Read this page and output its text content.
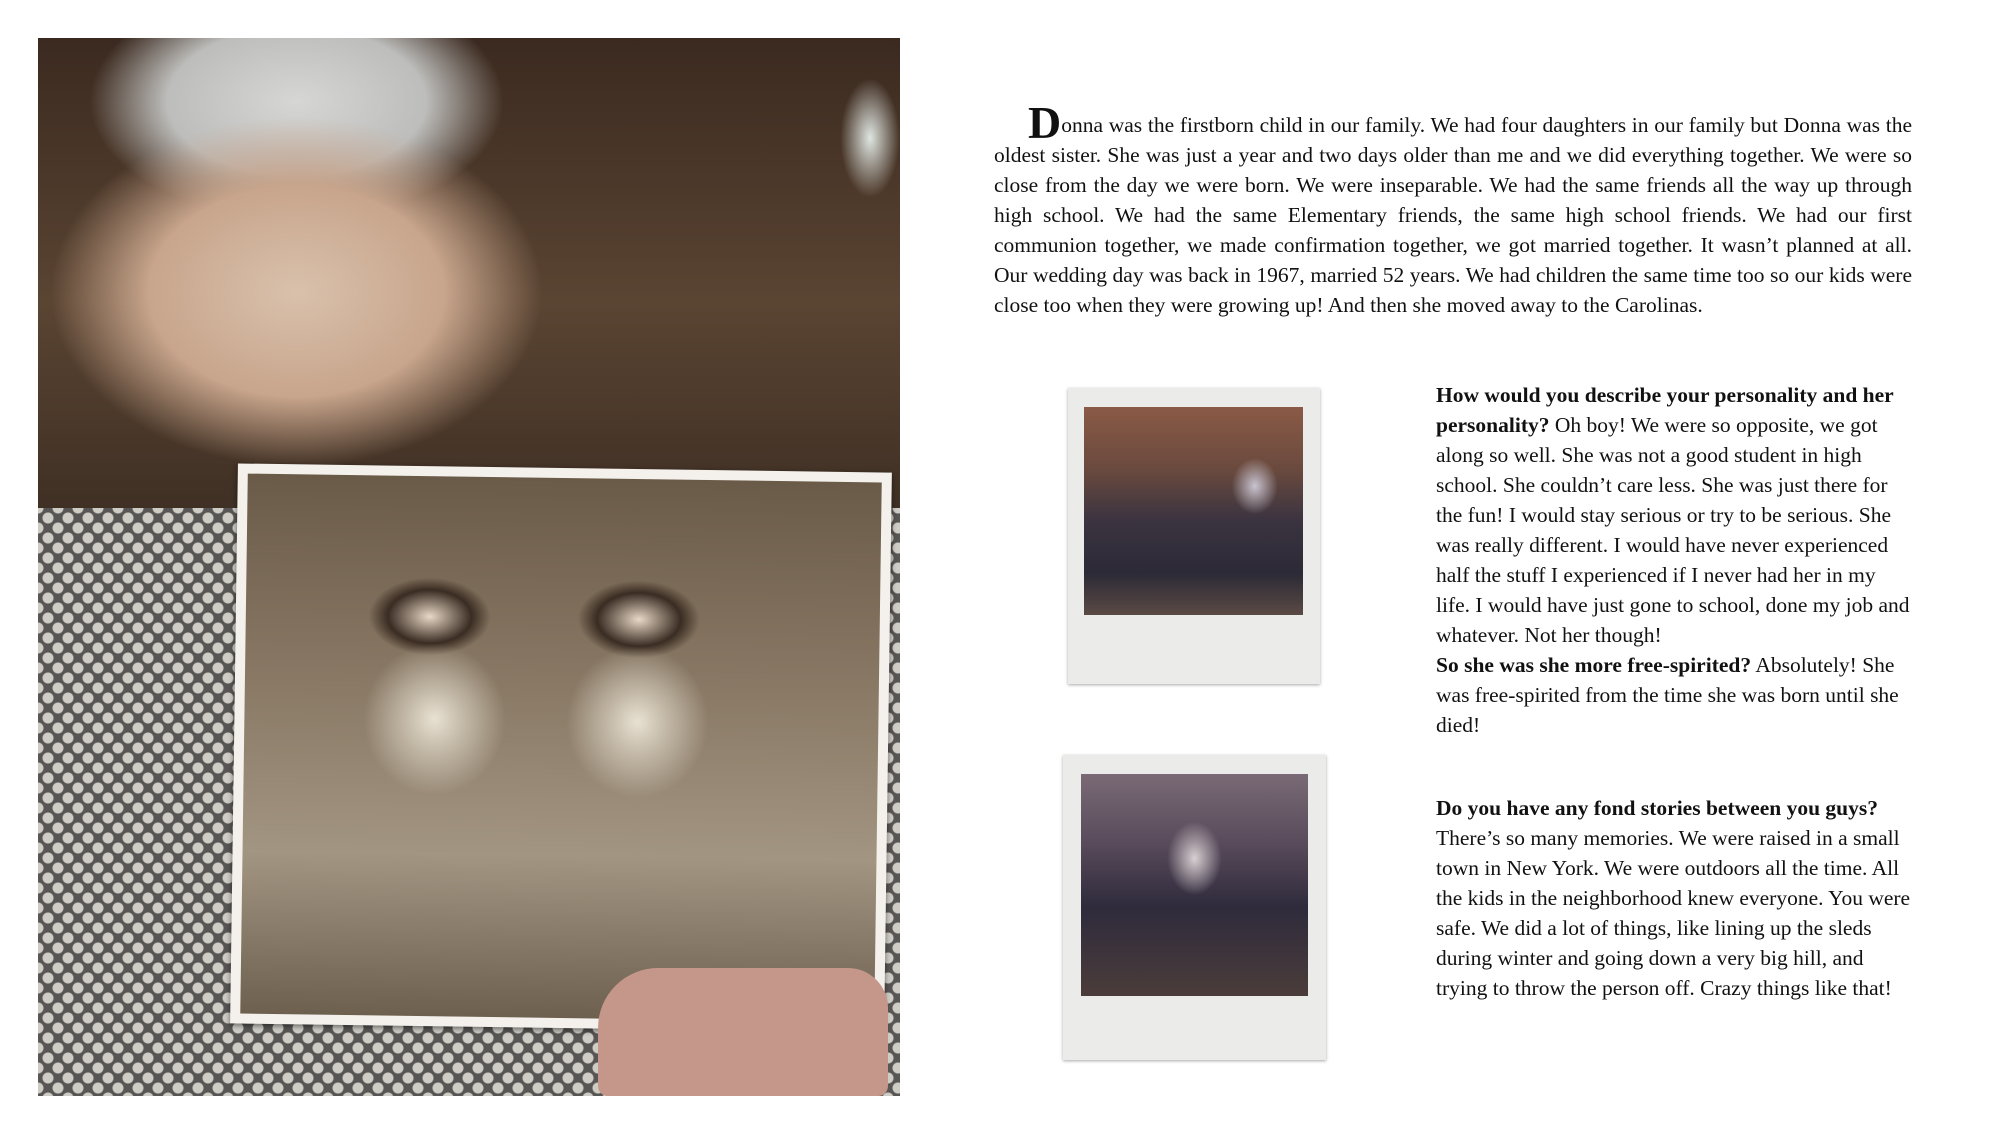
Donna was the firstborn child in our family. We had four daughters in our family but Donna was the oldest sister. She was just a year and two days older than me and we did everything together. We were so close from the day we were born. We were inseparable. We had the same friends all the way up through high school. We had the same Elementary friends, the same high school friends. We had our first communion together, we made confirmation together, we got married together. It wasn’t planned at all. Our wedding day was back in 1967, married 52 years. We had children the same time too so our kids were close too when they were growing up! And then she moved away to the Carolinas.

How would you describe your personality and her personality? Oh boy! We were so opposite, we got along so well. She was not a good student in high school. She couldn’t care less. She was just there for the fun! I would stay serious or try to be serious. She was really different. I would have never experienced half the stuff I experienced if I never had her in my life. I would have just gone to school, done my job and whatever. Not her though!
So she was she more free-spirited? Absolutely! She was free-spirited from the time she was born until she died!
Do you have any fond stories between you guys? There’s so many memories. We were raised in a small town in New York. We were outdoors all the time. All the kids in the neighborhood knew everyone. You were safe. We did a lot of things, like lining up the sleds during winter and going down a very big hill, and trying to throw the person off. Crazy things like that!
